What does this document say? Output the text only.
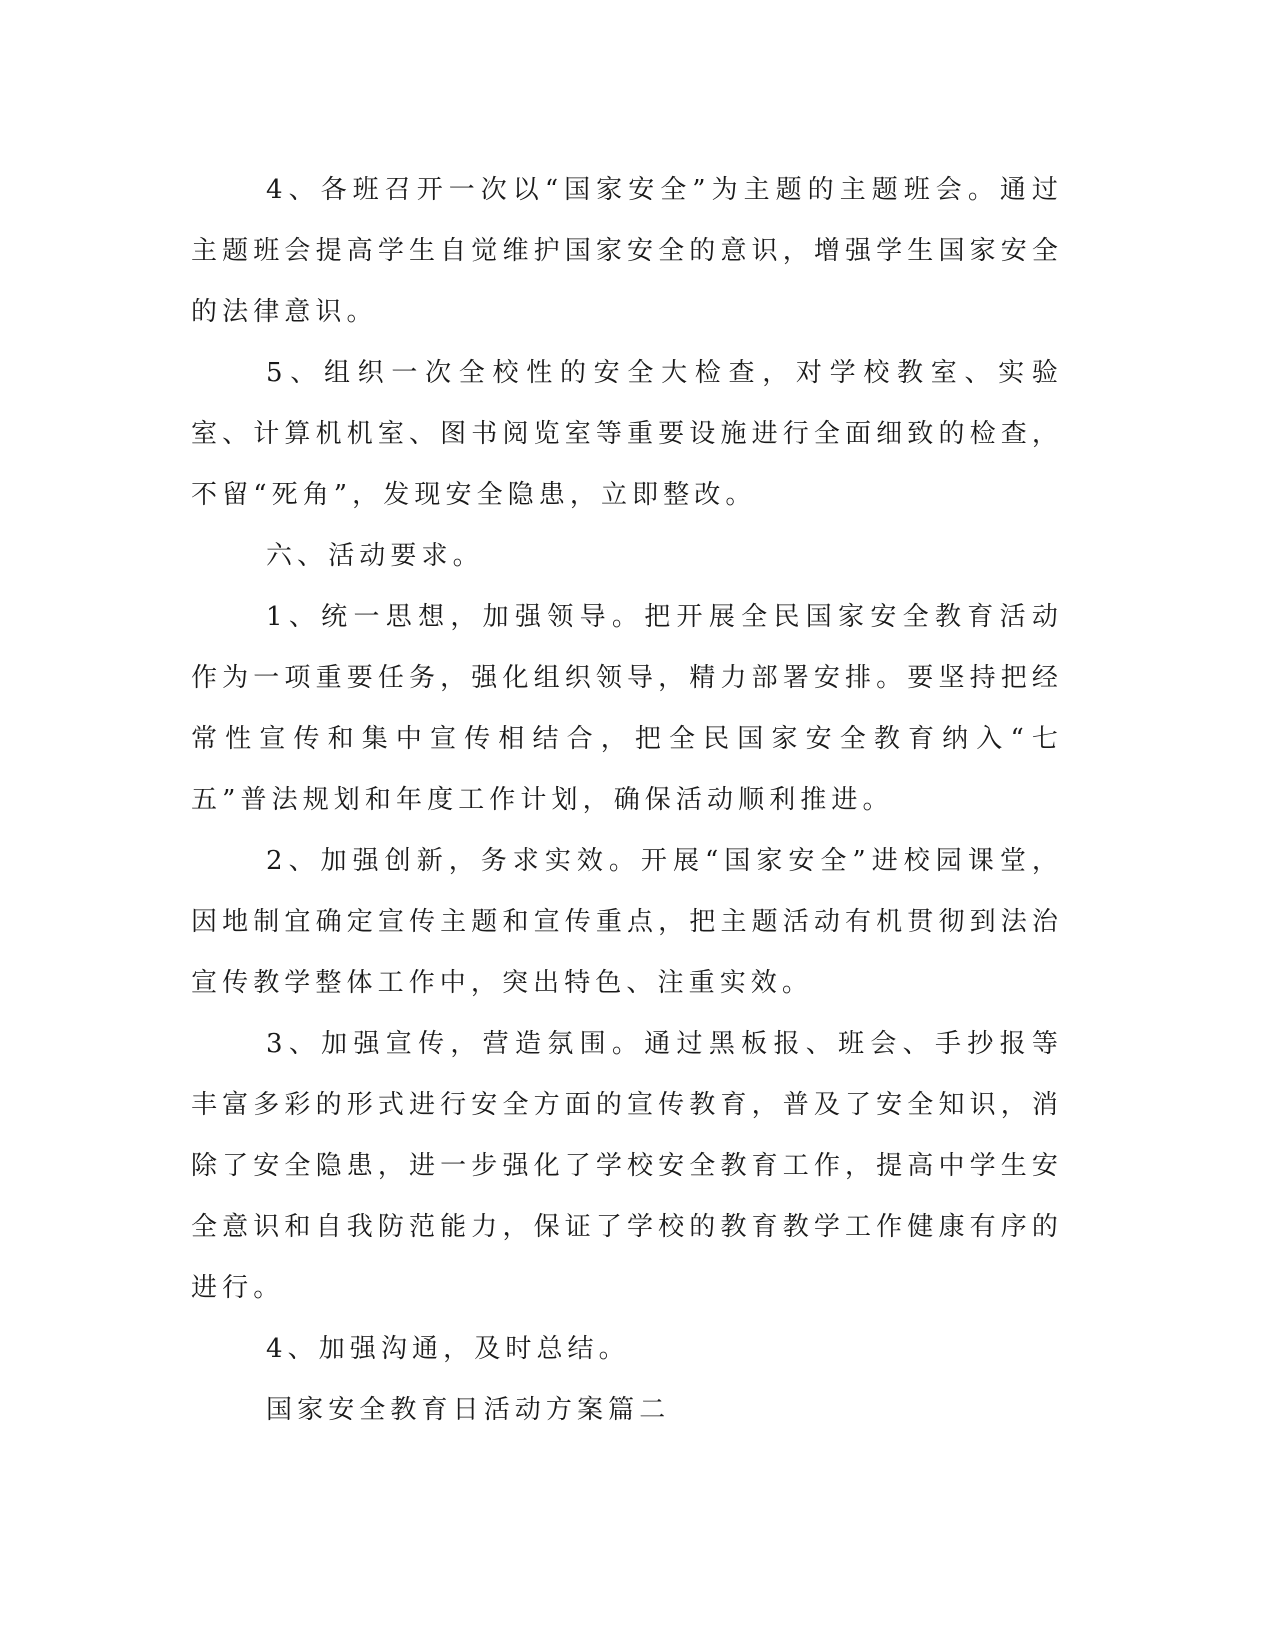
4、各班召开一次以“国家安全”为主题的主题班会。通过主题班会提高学生自觉维护国家安全的意识，增强学生国家安全的法律意识。

5、组织一次全校性的安全大检查，对学校教室、实验室、计算机机室、图书阅览室等重要设施进行全面细致的检查，不留“死角”，发现安全隐患，立即整改。

六、活动要求。

1、统一思想，加强领导。把开展全民国家安全教育活动作为一项重要任务，强化组织领导，精力部署安排。要坚持把经常性宣传和集中宣传相结合，把全民国家安全教育纳入“七五”普法规划和年度工作计划，确保活动顺利推进。

2、加强创新，务求实效。开展“国家安全”进校园课堂，因地制宜确定宣传主题和宣传重点，把主题活动有机贯彻到法治宣传教学整体工作中，突出特色、注重实效。

3、加强宣传，营造氛围。通过黑板报、班会、手抄报等丰富多彩的形式进行安全方面的宣传教育，普及了安全知识，消除了安全隐患，进一步强化了学校安全教育工作，提高中学生安全意识和自我防范能力，保证了学校的教育教学工作健康有序的进行。

4、加强沟通，及时总结。

国家安全教育日活动方案篇二
